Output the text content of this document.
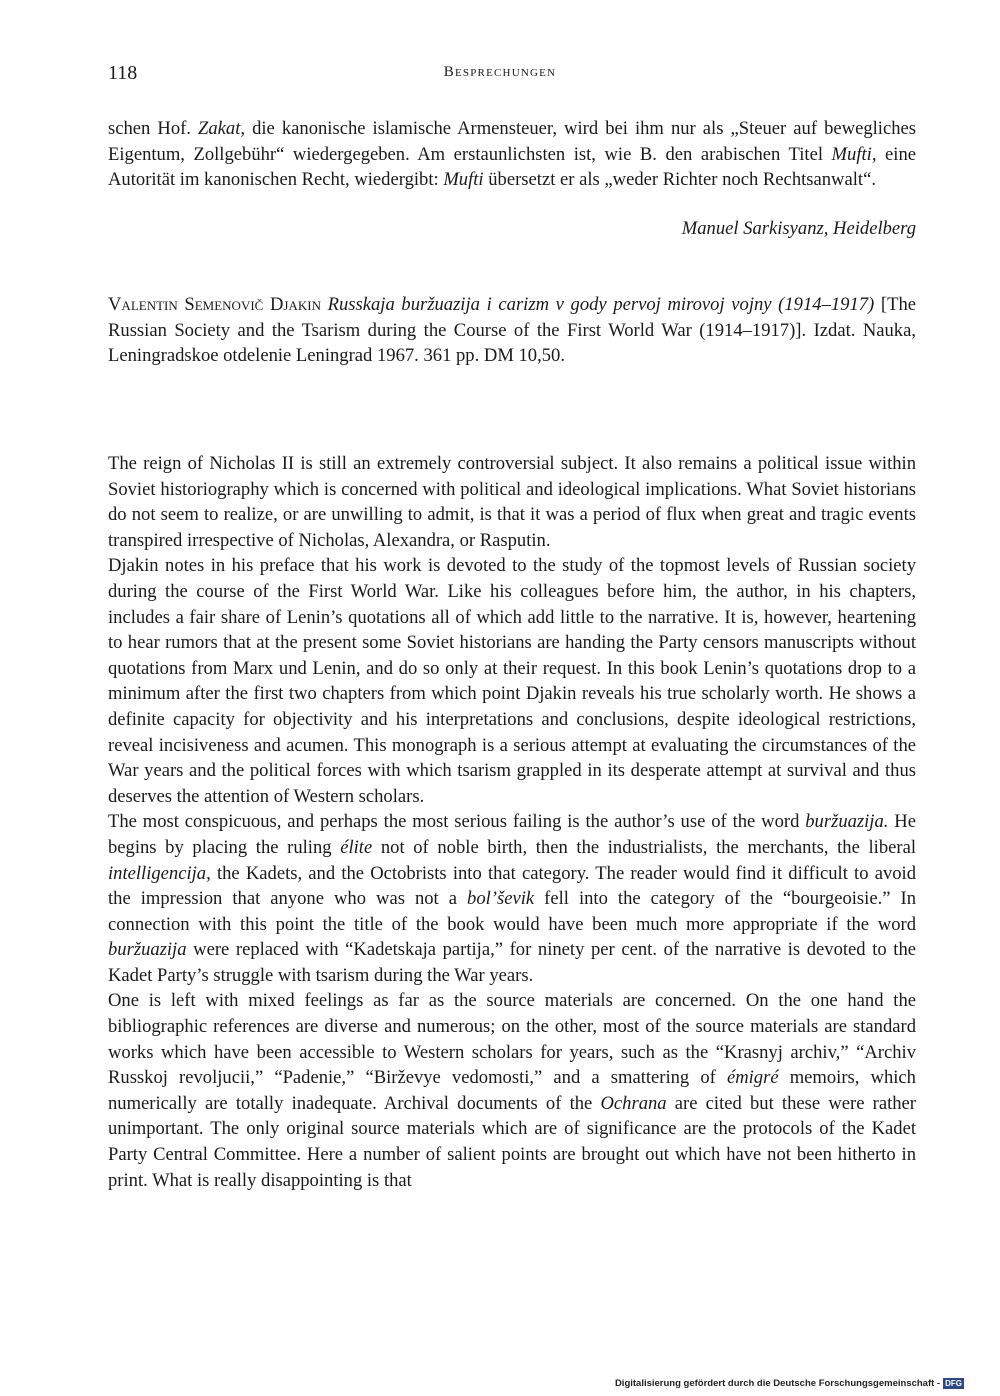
118	Besprechungen

schen Hof. Zakat, die kanonische islamische Armensteuer, wird bei ihm nur als „Steuer auf bewegliches Eigentum, Zollgebühr“ wiedergegeben. Am erstaunlichsten ist, wie B. den arabischen Titel Mufti, eine Autorität im kanonischen Recht, wiedergibt: Mufti übersetzt er als „weder Richter noch Rechtsanwalt“.

Manuel Sarkisyanz, Heidelberg

Valentin Semenovič Djakin Russkaja buržuazija i carizm v gody pervoj mirovoj vojny (1914–1917) [The Russian Society and the Tsarism during the Course of the First World War (1914–1917)]. Izdat. Nauka, Leningradskoe otdelenie Leningrad 1967. 361 pp. DM 10,50.

The reign of Nicholas II is still an extremely controversial subject. It also remains a political issue within Soviet historiography which is concerned with political and ideological implications. What Soviet historians do not seem to realize, or are unwilling to admit, is that it was a period of flux when great and tragic events transpired irrespective of Nicholas, Alexandra, or Rasputin.

Djakin notes in his preface that his work is devoted to the study of the topmost levels of Russian society during the course of the First World War. Like his colleagues before him, the author, in his chapters, includes a fair share of Lenin’s quotations all of which add little to the narrative. It is, however, heartening to hear rumors that at the present some Soviet historians are handing the Party censors manuscripts without quotations from Marx und Lenin, and do so only at their request. In this book Lenin’s quotations drop to a minimum after the first two chapters from which point Djakin reveals his true scholarly worth. He shows a definite capacity for objectivity and his interpretations and conclusions, despite ideological restrictions, reveal incisiveness and acumen. This monograph is a serious attempt at evaluating the circumstances of the War years and the political forces with which tsarism grappled in its desperate attempt at survival and thus deserves the attention of Western scholars.

The most conspicuous, and perhaps the most serious failing is the author’s use of the word buržuazija. He begins by placing the ruling élite not of noble birth, then the industrialists, the merchants, the liberal intelligencija, the Kadets, and the Octobrists into that category. The reader would find it difficult to avoid the impression that anyone who was not a bol’ševik fell into the category of the “bourgeoisie.” In connection with this point the title of the book would have been much more appropriate if the word buržuazija were replaced with “Kadetskaja partija,” for ninety per cent. of the narrative is devoted to the Kadet Party’s struggle with tsarism during the War years.

One is left with mixed feelings as far as the source materials are concerned. On the one hand the bibliographic references are diverse and numerous; on the other, most of the source materials are standard works which have been accessible to Western scholars for years, such as the “Krasnyj archiv,” “Archiv Russkoj revoljucii,” “Padenie,” “Birževye vedomosti,” and a smattering of émigré memoirs, which numerically are totally inadequate. Archival documents of the Ochrana are cited but these were rather unimportant. The only original source materials which are of significance are the protocols of the Kadet Party Central Committee. Here a number of salient points are brought out which have not been hitherto in print. What is really disappointing is that

Digitalisierung gefördert durch die Deutsche Forschungsgemeinschaft - DFG
